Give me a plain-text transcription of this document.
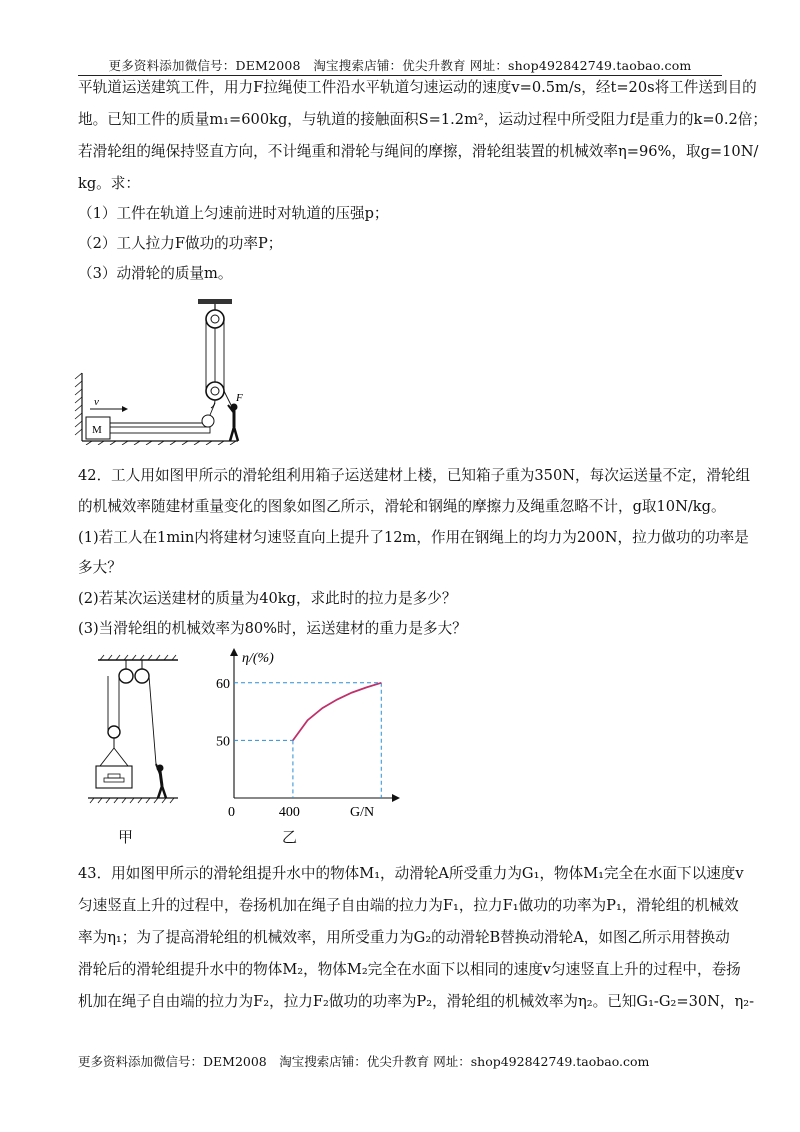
更多资料添加微信号：DEM2008　淘宝搜索店铺：优尖升教育 网址：shop492842749.taobao.com
平轨道运送建筑工件，用力F拉绳使工件沿水平轨道匀速运动的速度v=0.5m/s，经t=20s将工件送到目的
地。已知工件的质量m₁=600kg，与轨道的接触面积S=1.2m²，运动过程中所受阻力f是重力的k=0.2倍；
若滑轮组的绳保持竖直方向，不计绳重和滑轮与绳间的摩擦，滑轮组装置的机械效率η=96%，取g=10N/
kg。求：
（1）工件在轨道上匀速前进时对轨道的压强p；
（2）工人拉力F做功的功率P；
（3）动滑轮的质量m。
M
v	F
42．工人用如图甲所示的滑轮组利用箱子运送建材上楼，已知箱子重为350N，每次运送量不定，滑轮组
的机械效率随建材重量变化的图象如图乙所示，滑轮和钢绳的摩擦力及绳重忽略不计，g取10N/kg。
(1)若工人在1min内将建材匀速竖直向上提升了12m，作用在钢绳上的均力为200N，拉力做功的功率是
多大？
(2)若某次运送建材的质量为40kg，求此时的拉力是多少？
(3)当滑轮组的机械效率为80%时，运送建材的重力是多大？
甲
η/(%)
G/N
0	400
50
60
乙
43．用如图甲所示的滑轮组提升水中的物体M₁，动滑轮A所受重力为G₁，物体M₁完全在水面下以速度v
匀速竖直上升的过程中，卷扬机加在绳子自由端的拉力为F₁，拉力F₁做功的功率为P₁，滑轮组的机械效
率为η₁；为了提高滑轮组的机械效率，用所受重力为G₂的动滑轮B替换动滑轮A，如图乙所示用替换动
滑轮后的滑轮组提升水中的物体M₂，物体M₂完全在水面下以相同的速度v匀速竖直上升的过程中，卷扬
机加在绳子自由端的拉力为F₂，拉力F₂做功的功率为P₂，滑轮组的机械效率为η₂。已知G₁-G₂=30N，η₂-
更多资料添加微信号：DEM2008　淘宝搜索店铺：优尖升教育 网址：shop492842749.taobao.com
